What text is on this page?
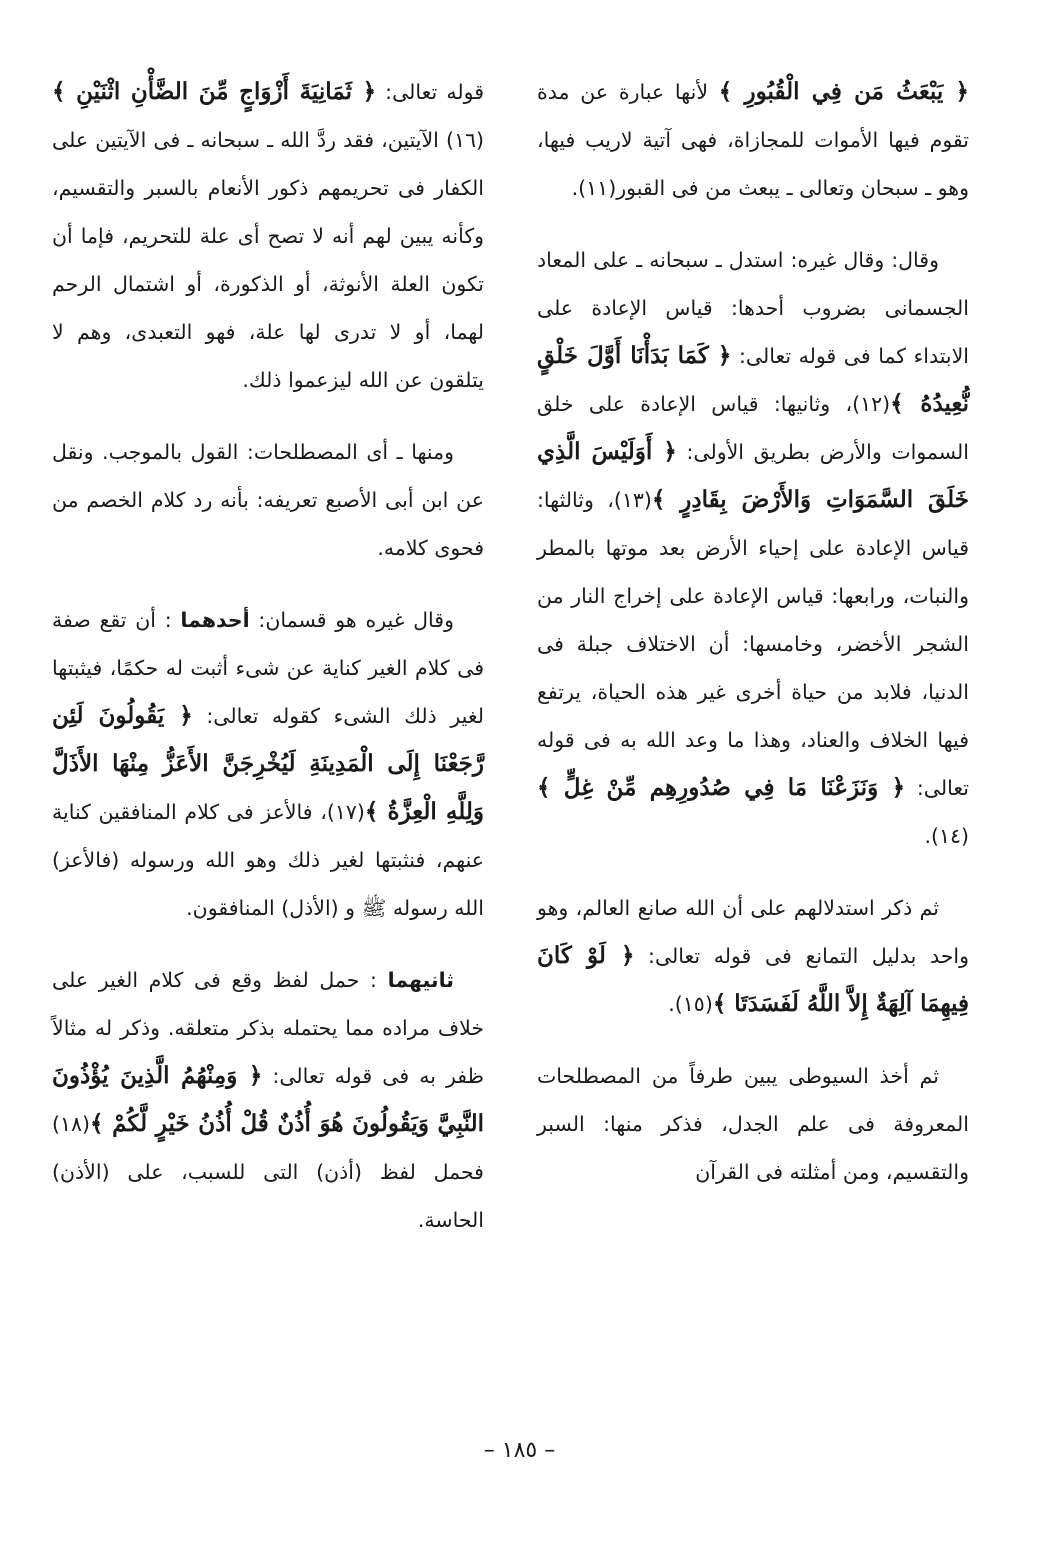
﴿ يَبْعَثُ مَن فِي الْقُبُورِ ﴾ لأنها عبارة عن مدة تقوم فيها الأموات للمجازاة، فهى آتية لاريب فيها، وهو ـ سبحان وتعالى ـ يبعث من فى القبور(١١).

وقال: وقال غيره: استدل ـ سبحانه ـ على المعاد الجسمانى بضروب أحدها: قياس الإعادة على الابتداء كما فى قوله تعالى: ﴿ كَمَا بَدَأْنَا أَوَّلَ خَلْقٍ نُّعِيدُهُ ﴾(١٢)، وثانيها: قياس الإعادة على خلق السموات والأرض بطريق الأولى: ﴿ أَوَلَيْسَ الَّذِي خَلَقَ السَّمَوَاتِ وَالأَرْضَ بِقَادِرٍ ﴾(١٣)، وثالثها: قياس الإعادة على إحياء الأرض بعد موتها بالمطر والنبات، ورابعها: قياس الإعادة على إخراج النار من الشجر الأخضر، وخامسها: أن الاختلاف جبلة فى الدنيا، فلابد من حياة أخرى غير هذه الحياة، يرتفع فيها الخلاف والعناد، وهذا ما وعد الله به فى قوله تعالى: ﴿ وَنَزَعْنَا مَا فِي صُدُورِهِم مِّنْ غِلٍّ ﴾(١٤).

ثم ذكر استدلالهم على أن الله صانع العالم، وهو واحد بدليل التمانع فى قوله تعالى: ﴿ لَوْ كَانَ فِيهِمَا آلِهَةٌ إِلاَّ اللَّهُ لَفَسَدَتَا ﴾(١٥).

ثم أخذ السيوطى يبين طرفاً من المصطلحات المعروفة فى علم الجدل، فذكر منها: السبر والتقسيم، ومن أمثلته فى القرآن

قوله تعالى: ﴿ ثَمَانِيَةَ أَزْوَاجٍ مِّنَ الضَّأْنِ اثْنَيْنِ ﴾(١٦) الآيتين، فقد ردَّ الله ـ سبحانه ـ فى الآيتين على الكفار فى تحريمهم ذكور الأنعام بالسبر والتقسيم، وكأنه يبين لهم أنه لا تصح أى علة للتحريم، فإما أن تكون العلة الأنوثة، أو الذكورة، أو اشتمال الرحم لهما، أو لا تدرى لها علة، فهو التعبدى، وهم لا يتلقون عن الله ليزعموا ذلك.

ومنها ـ أى المصطلحات: القول بالموجب. ونقل عن ابن أبى الأصبع تعريفه: بأنه رد كلام الخصم من فحوى كلامه.

وقال غيره هو قسمان: أحدهما : أن تقع صفة فى كلام الغير كناية عن شىء أثبت له حكمًا، فيثبتها لغير ذلك الشىء كقوله تعالى: ﴿ يَقُولُونَ لَئِن رَّجَعْنَا إِلَى الْمَدِينَةِ لَيُخْرِجَنَّ الأَعَزُّ مِنْهَا الأَذَلَّ وَلِلَّهِ الْعِزَّةُ ﴾(١٧)، فالأعز فى كلام المنافقين كناية عنهم، فنثبتها لغير ذلك وهو الله ورسوله (فالأعز) الله رسوله ﷺ و (الأذل) المنافقون.

ثانيهما : حمل لفظ وقع فى كلام الغير على خلاف مراده مما يحتمله بذكر متعلقه. وذكر له مثالاً ظفر به فى قوله تعالى: ﴿ وَمِنْهُمُ الَّذِينَ يُؤْذُونَ النَّبِيَّ وَيَقُولُونَ هُوَ أُذُنٌ قُلْ أُذُنُ خَيْرٍ لَّكُمْ ﴾(١٨) فحمل لفظ (أذن) التى للسبب، على (الأذن) الحاسة.

– ١٨٥ –
